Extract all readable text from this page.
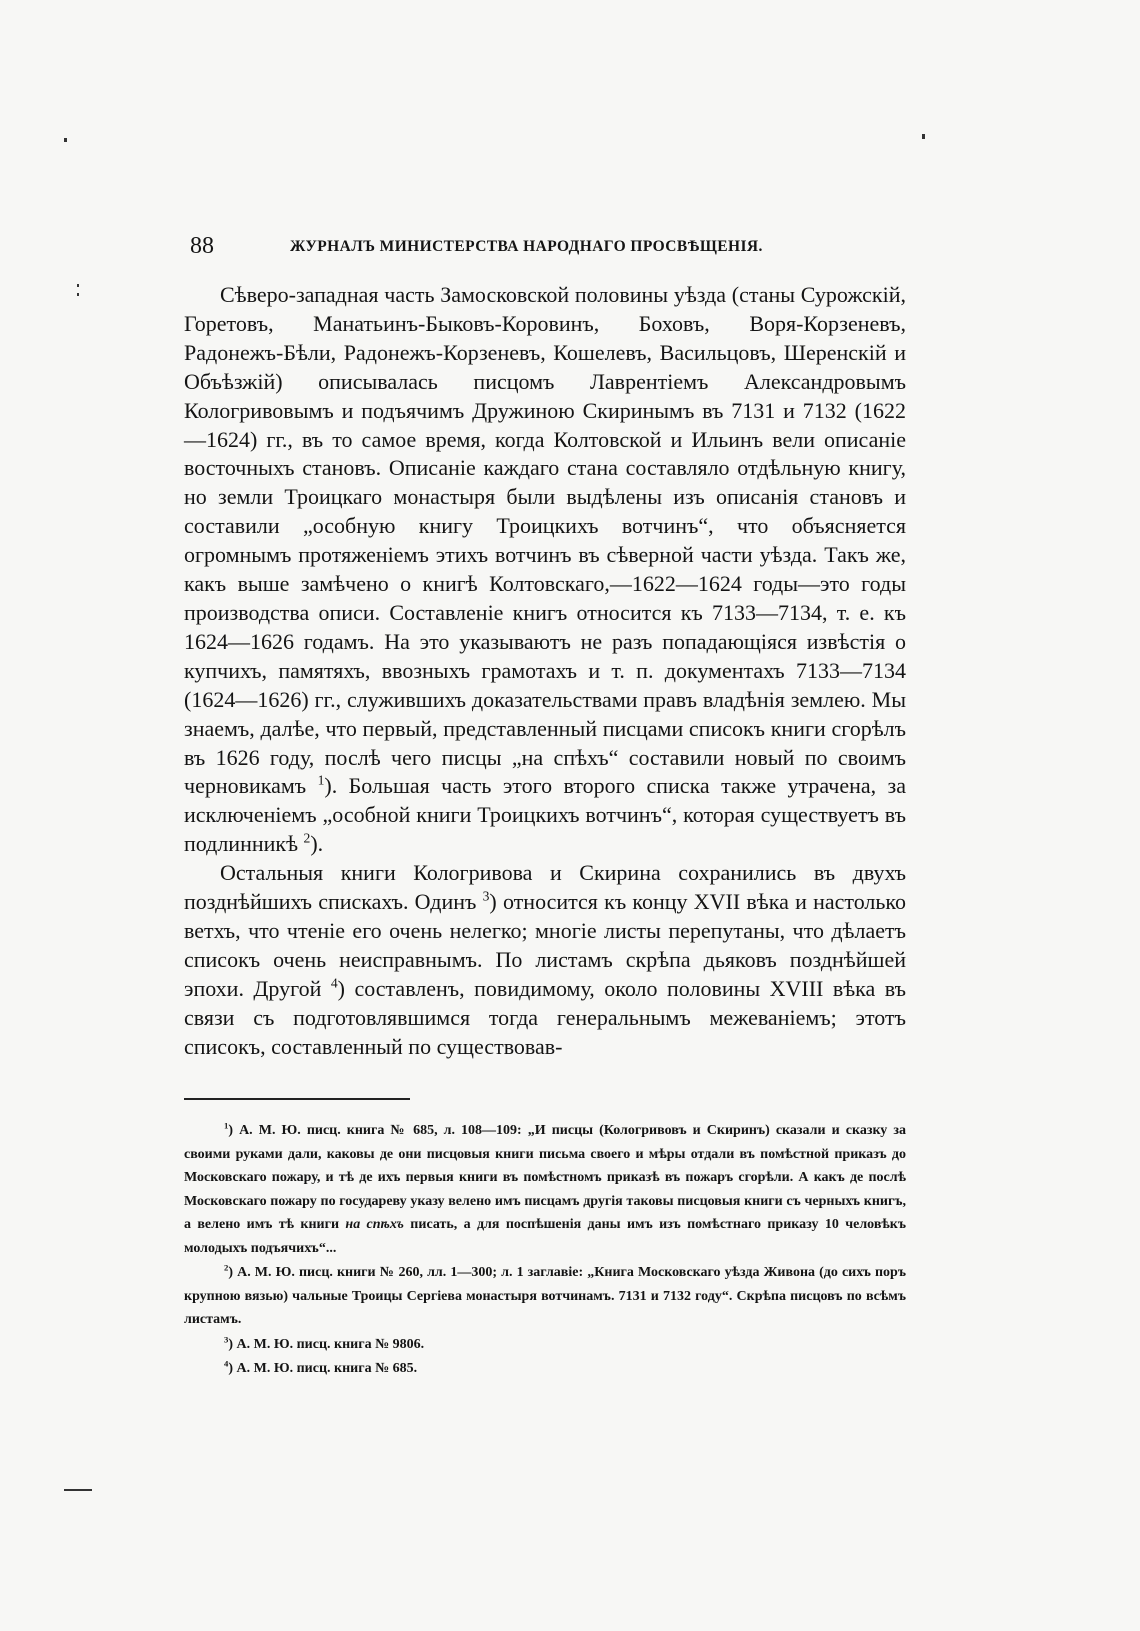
88	ЖУРНАЛЪ МИНИСТЕРСТВА НАРОДНАГО ПРОСВѢЩЕНІЯ.

Сѣверо-западная часть Замосковской половины уѣзда (станы Сурожскій, Горетовъ, Манатьинъ-Быковъ-Коровинъ, Боховъ, Воря-Корзеневъ, Радонежъ-Бѣли, Радонежъ-Корзеневъ, Кошелевъ, Васильцовъ, Шеренскій и Объѣзжій) описывалась писцомъ Лаврентіемъ Александровымъ Кологривовымъ и подъячимъ Дружиною Скиринымъ въ 7131 и 7132 (1622—1624) гг., въ то самое время, когда Колтовской и Ильинъ вели описаніе восточныхъ становъ. Описаніе каждаго стана составляло отдѣльную книгу, но земли Троицкаго монастыря были выдѣлены изъ описанія становъ и составили „особную книгу Троицкихъ вотчинъ“, что объясняется огромнымъ протяженіемъ этихъ вотчинъ въ сѣверной части уѣзда. Такъ же, какъ выше замѣчено о книгѣ Колтовскаго,—1622—1624 годы—это годы производства описи. Составленіе книгъ относится къ 7133—7134, т. е. къ 1624—1626 годамъ. На это указываютъ не разъ попадающіяся извѣстія о купчихъ, памятяхъ, ввозныхъ грамотахъ и т. п. документахъ 7133—7134 (1624—1626) гг., служившихъ доказательствами правъ владѣнія землею. Мы знаемъ, далѣе, что первый, представленный писцами списокъ книги сгорѣлъ въ 1626 году, послѣ чего писцы „на спѣхъ“ составили новый по своимъ черновикамъ $^1$). Большая часть этого второго списка также утрачена, за исключеніемъ „особной книги Троицкихъ вотчинъ“, которая существуетъ въ подлинникѣ $^2$).

Остальныя книги Кологривова и Скирина сохранились въ двухъ позднѣйшихъ спискахъ. Одинъ $^3$) относится къ концу XVII вѣка и настолько ветхъ, что чтеніе его очень нелегко; многіе листы перепутаны, что дѣлаетъ списокъ очень неисправнымъ. По листамъ скрѣпа дьяковъ позднѣйшей эпохи. Другой $^4$) составленъ, повидимому, около половины XVIII вѣка въ связи съ подготовлявшимся тогда генеральнымъ межеваніемъ; этотъ списокъ, составленный по существовав-

$^1$) А. М. Ю. писц. книга № 685, л. 108—109: „И писцы (Кологривовъ и Скиринъ) сказали и сказку за своими руками дали, каковы де они писцовыя книги письма своего и мѣры отдали въ помѣстной приказъ до Московскаго пожару, и тѣ де ихъ первыя книги въ помѣстномъ приказѣ въ пожаръ сгорѣли. А какъ де послѣ Московскаго пожару по государеву указу велено имъ писцамъ другія таковы писцовыя книги съ черныхъ книгъ, а велено имъ тѣ книги на спѣхъ писать, а для поспѣшенія даны имъ изъ помѣстнаго приказу 10 человѣкъ молодыхъ подъячихъ“...

$^2$) А. М. Ю. писц. книги № 260, лл. 1—300; л. 1 заглавіе: „Книга Московскаго уѣзда Живона (до сихъ поръ крупною вязью) чальные Троицы Сергіева монастыря вотчинамъ. 7131 и 7132 году“. Скрѣпа писцовъ по всѣмъ листамъ.

$^3$) А. М. Ю. писц. книга № 9806.

$^4$) А. М. Ю. писц. книга № 685.
